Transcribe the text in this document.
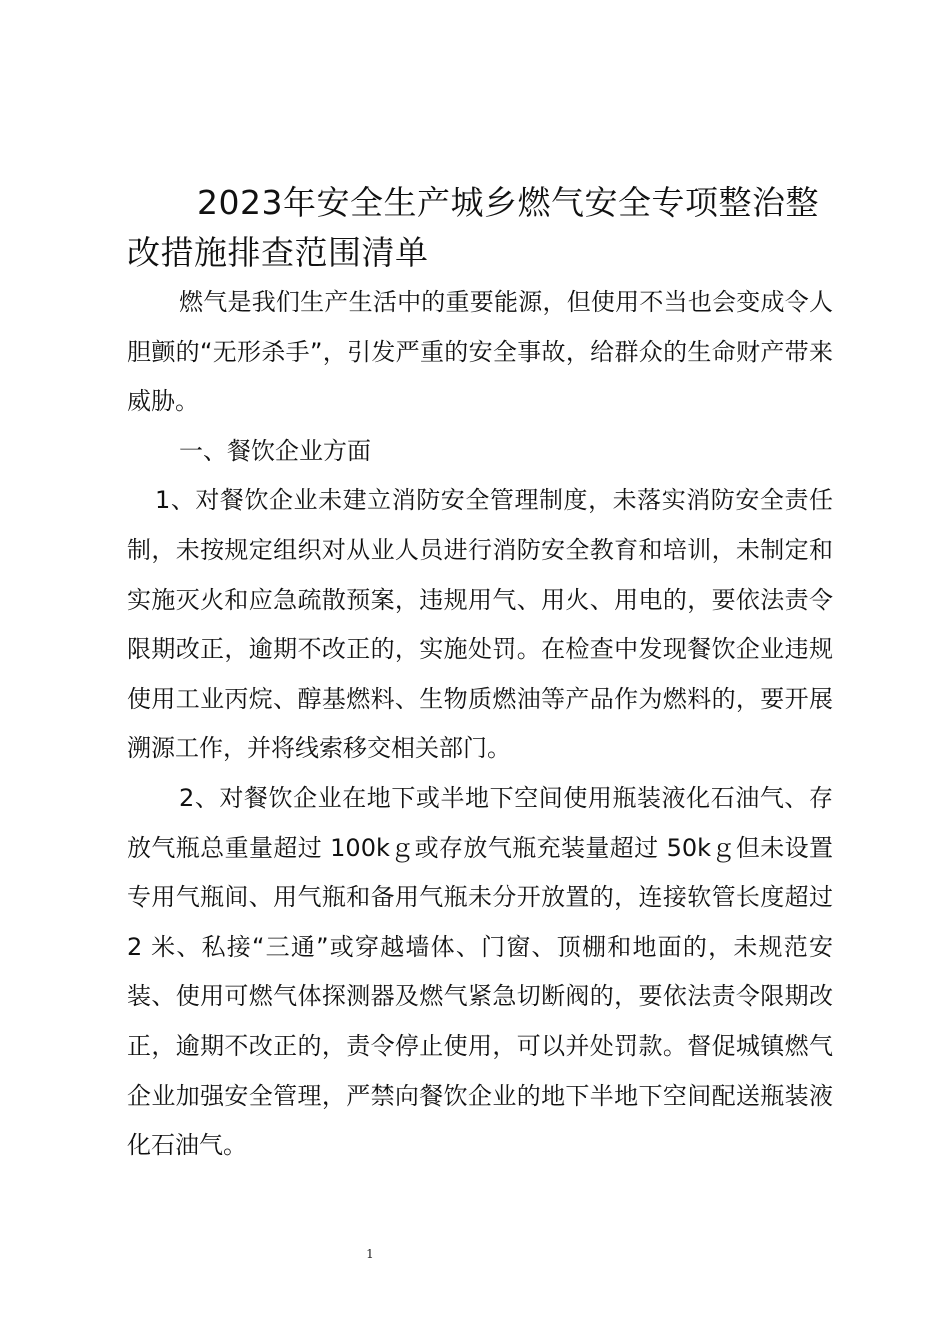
2023年安全生产城乡燃气安全专项整治整改措施排查范围清单

燃气是我们生产生活中的重要能源，但使用不当也会变成令人胆颤的“无形杀手”，引发严重的安全事故，给群众的生命财产带来威胁。

一、餐饮企业方面

1、对餐饮企业未建立消防安全管理制度，未落实消防安全责任制，未按规定组织对从业人员进行消防安全教育和培训，未制定和实施灭火和应急疏散预案，违规用气、用火、用电的，要依法责令限期改正，逾期不改正的，实施处罚。在检查中发现餐饮企业违规使用工业丙烷、醇基燃料、生物质燃油等产品作为燃料的，要开展溯源工作，并将线索移交相关部门。

2、对餐饮企业在地下或半地下空间使用瓶装液化石油气、存放气瓶总重量超过 100kｇ或存放气瓶充装量超过 50kｇ但未设置专用气瓶间、用气瓶和备用气瓶未分开放置的，连接软管长度超过 2 米、私接“三通”或穿越墙体、门窗、顶棚和地面的，未规范安装、使用可燃气体探测器及燃气紧急切断阀的，要依法责令限期改正，逾期不改正的，责令停止使用，可以并处罚款。督促城镇燃气企业加强安全管理，严禁向餐饮企业的地下半地下空间配送瓶装液化石油气。

1
